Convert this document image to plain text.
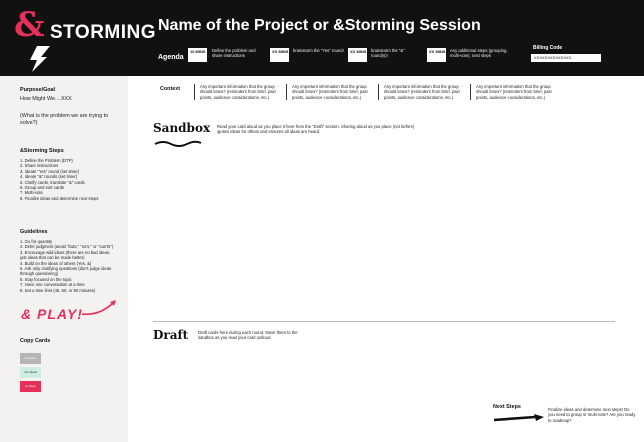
& STORMING Name of the Project or &Storming Session
Agenda
10 MINS	Define the problem and share instructions
XX MINS brainstorm the "Yes" round!	XX MINS brainstorm the "&" round(s)!
XX MINS Any additional steps (grouping, multi-vote), next steps
Billing Code
XXXXXXXXXXXXXX
Purpose/Goal
How Might We....XXX
(What is the problem we are trying to solve?)
&Storming Steps
1. Define the Problem (DTP)
2. Share instructions
3. Ideate "Yes" round (set timer)
4. Ideate "&" rounds (set timer)
5. Clarify cards, translate "&" cards
6. Group and sort cards
7. Multi-vote
8. Finalize ideas and determine next steps
Guidelines
1. Go for quantity
2. Defer judgment (avoid "buts," "no's," or "can'ts")
3. Encourage wild ideas (there are no bad ideas, just ideas that can be made better)
4. Build on the ideas of others (Yes, &)
5. Ask only clarifying questions (don't judge ideas through questioning)
6. Stay focused on the topic
7. Have one conversation at a time
8. Set a time limit (45, 60, or 90 minutes)
& PLAY!
Copy Cards
Category
Yes Ideas
& Ideas
Context	Any important information that the group should know? (reminders from brief, pain points, audience considerations, etc.)
Any important information that the group should know? (reminders from brief, pain points, audience considerations, etc.)
Any important information that the group should know? (reminders from brief, pain points, audience considerations, etc.)
Any important information that the group should know? (reminders from brief, pain points, audience considerations, etc.)
Sandbox Read your card aloud as you place it here from the "Draft" section. Sharing aloud as you place (not before) ignites ideas for others and ensures all ideas are heard.
Draft Draft cards here during each round. Move them to the sandbox as you read your card outloud.
Next Steps	Finalize ideas and determine next steps! Do you need to group or multi-vote? Are you ready to roadmap?
